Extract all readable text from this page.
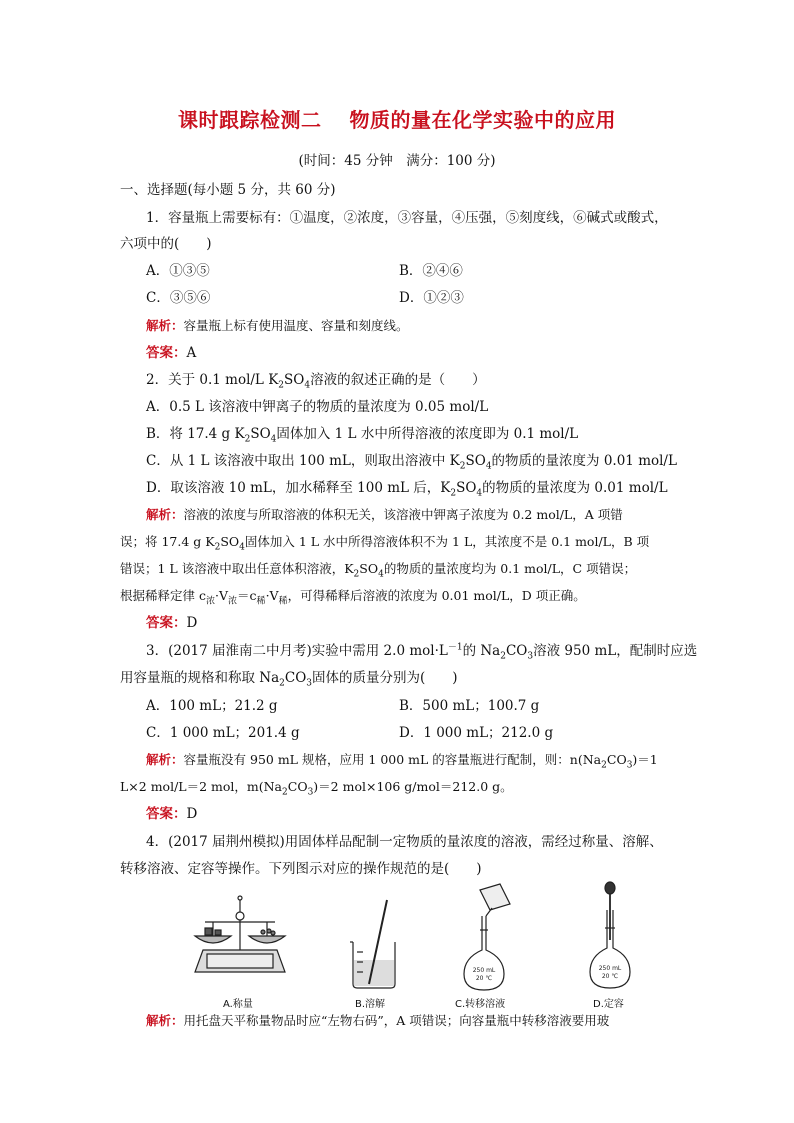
课时跟踪检测二 物质的量在化学实验中的应用
(时间：45 分钟　满分：100 分)
一、选择题(每小题 5 分，共 60 分)
1．容量瓶上需要标有：①温度，②浓度，③容量，④压强，⑤刻度线，⑥碱式或酸式，
六项中的(　　)
A．①③⑤	B．②④⑥
C．③⑤⑥	D．①②③
解析：容量瓶上标有使用温度、容量和刻度线。
答案：A
2．关于 0.1 mol/L $K_2SO_4$溶液的叙述正确的是（　　）
A．0.5 L 该溶液中钾离子的物质的量浓度为 0.05 mol/L
B．将 17.4 g $K_2SO_4$固体加入 1 L 水中所得溶液的浓度即为 0.1 mol/L
C．从 1 L 该溶液中取出 100 mL，则取出溶液中 $K_2SO_4$的物质的量浓度为 0.01 mol/L
D．取该溶液 10 mL，加水稀释至 100 mL 后，$K_2SO_4$的物质的量浓度为 0.01 mol/L
解析：溶液的浓度与所取溶液的体积无关，该溶液中钾离子浓度为 0.2 mol/L，A 项错
误；将 17.4 g $K_2SO_4$固体加入 1 L 水中所得溶液体积不为 1 L，其浓度不是 0.1 mol/L，B 项
错误；1 L 该溶液中取出任意体积溶液，$K_2SO_4$的物质的量浓度均为 0.1 mol/L，C 项错误；
根据稀释定律 $c_浓\cdot V_浓=c_稀\cdot V_稀$，可得稀释后溶液的浓度为 0.01 mol/L，D 项正确。
答案：D
3．(2017 届淮南二中月考)实验中需用 2.0 $mol\cdot L^{-1}$的 $Na_2CO_3$溶液 950 mL，配制时应选
用容量瓶的规格和称取 $Na_2CO_3$固体的质量分别为(　　)
A．100 mL；21.2 g	B．500 mL；100.7 g
C．1 000 mL；201.4 g	D．1 000 mL；212.0 g
解析：容量瓶没有 950 mL 规格，应用 1 000 mL 的容量瓶进行配制，则：$n(Na_2CO_3)=1$
L×2 mol/L＝2 mol，$m(Na_2CO_3)=2$ mol×106 g/mol＝212.0 g。
答案：D
4．(2017 届荆州模拟)用固体样品配制一定物质的量浓度的溶液，需经过称量、溶解、
转移溶液、定容等操作。下列图示对应的操作规范的是(　　)
A.称量	B.溶解
250 mL
20 ℃
C.转移溶液
250 mL
20 ℃
D.定容
解析：用托盘天平称量物品时应“左物右码”，A 项错误；向容量瓶中转移溶液要用玻
